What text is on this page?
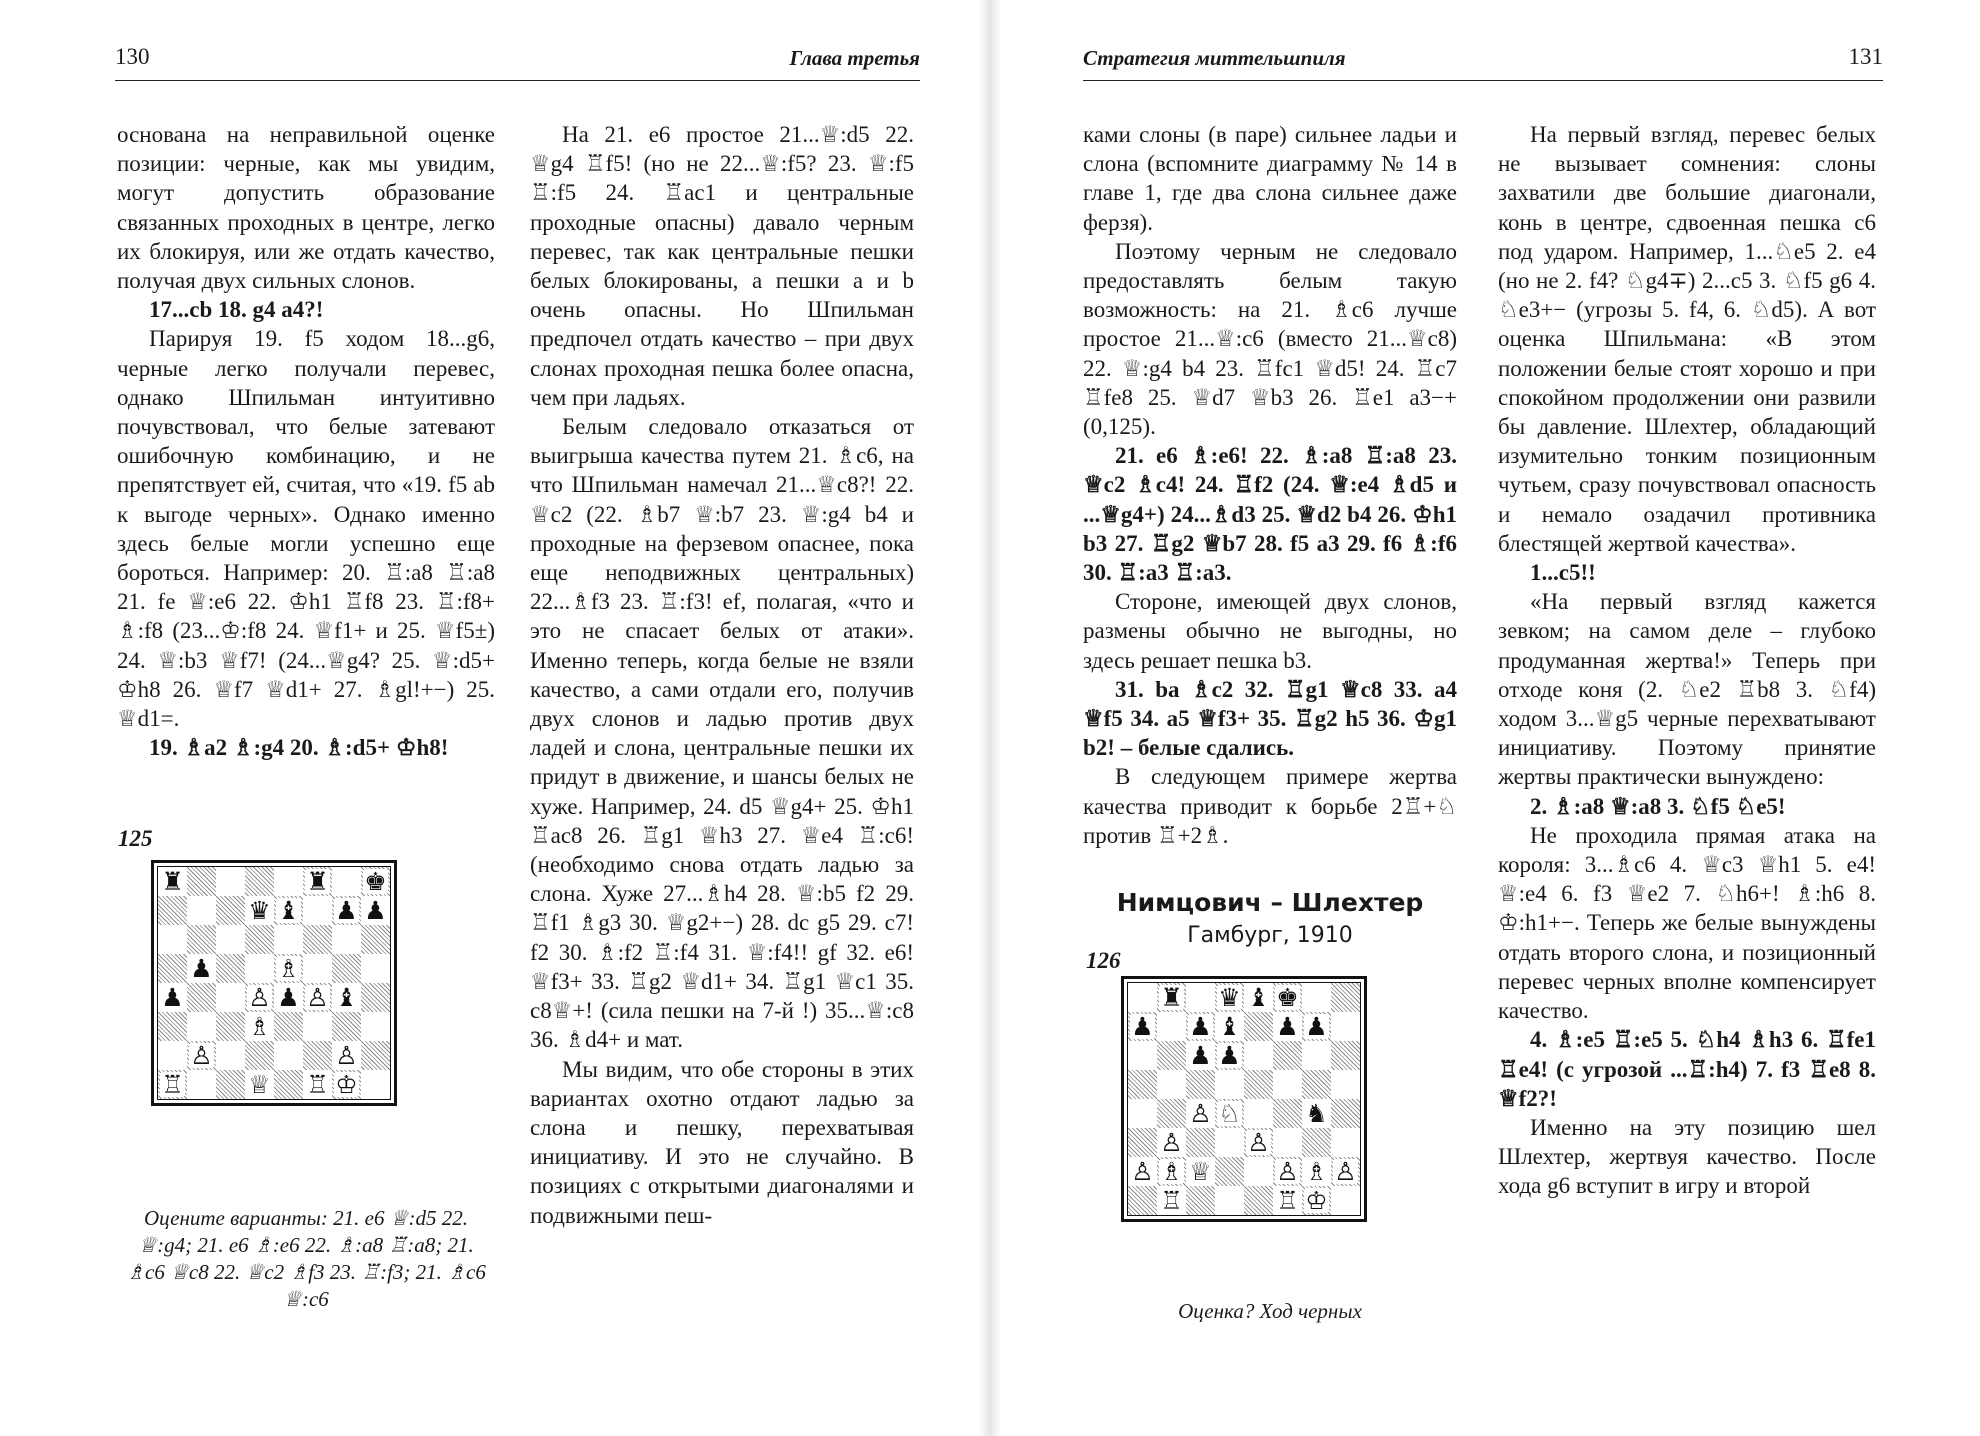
130	Глава третья

основана на неправильной оценке позиции: черные, как мы увидим, могут допустить образование связанных проходных в центре, легко их блокируя, или же отдать качество, получая двух сильных слонов.

17...cb 18. g4 а4?!

Парируя 19. f5 ходом 18...g6, черные легко получали перевес, однако Шпильман интуитивно почувствовал, что белые затевают ошибочную комбинацию, и не препятствует ей, считая, что «19. f5 ab к выгоде черных». Однако именно здесь белые могли успешно еще бороться. Например: 20. ♖:а8 ♖:а8 21. fe ♕:е6 22. ♔h1 ♖f8 23. ♖:f8+ ♗:f8 (23...♔:f8 24. ♕f1+ и 25. ♕f5±) 24. ♕:b3 ♕f7! (24...♕g4? 25. ♕:d5+ ♔h8 26. ♕f7 ♕d1+ 27. ♗gl!+−) 25. ♕d1=.

19. ♗а2 ♗:g4 20. ♗:d5+ ♔h8!

На 21. е6 простое 21...♕:d5 22. ♕g4 ♖f5! (но не 22...♕:f5? 23. ♕:f5 ♖:f5 24. ♖ас1 и центральные проходные опасны) давало черным перевес, так как центральные пешки белых блокированы, а пешки а и b очень опасны. Но Шпильман предпочел отдать качество – при двух слонах проходная пешка более опасна, чем при ладьях.

Белым следовало отказаться от выигрыша качества путем 21. ♗с6, на что Шпильман намечал 21...♕с8?! 22. ♕с2 (22. ♗b7 ♕:b7 23. ♕:g4 b4 и проходные на ферзевом опаснее, пока еще неподвижных центральных) 22...♗f3 23. ♖:f3! ef, полагая, «что и это не спасает белых от атаки». Именно теперь, когда белые не взяли качество, а сами отдали его, получив двух слонов и ладью против двух ладей и слона, центральные пешки их придут в движение, и шансы белых не хуже. Например, 24. d5 ♕g4+ 25. ♔h1 ♖ас8 26. ♖g1 ♕h3 27. ♕е4 ♖:с6! (необходимо снова отдать ладью за слона. Хуже 27...♗h4 28. ♕:b5 f2 29. ♖f1 ♗g3 30. ♕g2+−) 28. dc g5 29. с7! f2 30. ♗:f2 ♖:f4 31. ♕:f4!! gf 32. е6! ♕f3+ 33. ♖g2 ♕d1+ 34. ♖g1 ♕с1 35. с8♕+! (сила пешки на 7-й !) 35...♕:с8 36. ♗d4+ и мат.

Мы видим, что обе стороны в этих вариантах охотно отдают ладью за слона и пешку, перехватывая инициативу. И это не случайно. В позициях с открытыми диагоналями и подвижными пеш-

125
♜	♜ ♚
♛ ♝ ♟ ♟
♟	♗
♟	♙ ♟ ♙ ♝
♗
♙	♙
♖	♕ ♖ ♔
Оцените варианты: 21. е6 ♕:d5 22. ♕:g4; 21. е6 ♗:е6 22. ♗:а8 ♖:а8; 21. ♗с6 ♕с8 22. ♕с2 ♗f3 23. ♖:f3; 21. ♗с6 ♕:с6
Стратегия миттельшпиля	131

ками слоны (в паре) сильнее ладьи и слона (вспомните диаграмму № 14 в главе 1, где два слона сильнее даже ферзя).

Поэтому черным не следовало предоставлять белым такую возможность: на 21. ♗с6 лучше простое 21...♕:с6 (вместо 21...♕с8) 22. ♕:g4 b4 23. ♖fc1 ♕d5! 24. ♖с7 ♖fe8 25. ♕d7 ♕b3 26. ♖е1 а3−+ (0,125).

21. е6 ♗:е6! 22. ♗:а8 ♖:а8 23. ♕с2 ♗с4! 24. ♖f2 (24. ♕:е4 ♗d5 и ...♕g4+) 24...♗d3 25. ♕d2 b4 26. ♔h1 b3 27. ♖g2 ♕b7 28. f5 а3 29. f6 ♗:f6 30. ♖:а3 ♖:а3.

Стороне, имеющей двух слонов, размены обычно не выгодны, но здесь решает пешка b3.

31. bа ♗с2 32. ♖g1 ♕с8 33. а4 ♕f5 34. а5 ♕f3+ 35. ♖g2 h5 36. ♔g1 b2! – белые сдались.

В следующем примере жертва качества приводит к борьбе 2♖+♘ против ♖+2♗.

На первый взгляд, перевес белых не вызывает сомнения: слоны захватили две большие диагонали, конь в центре, сдвоенная пешка с6 под ударом. Например, 1...♘е5 2. е4 (но не 2. f4? ♘g4∓) 2...с5 3. ♘f5 g6 4. ♘е3+− (угрозы 5. f4, 6. ♘d5). А вот оценка Шпильмана: «В этом положении белые стоят хорошо и при спокойном продолжении они развили бы давление. Шлехтер, обладающий изумительно тонким позиционным чутьем, сразу почувствовал опасность и немало озадачил противника блестящей жертвой качества».

1...с5!!

«На первый взгляд кажется зевком; на самом деле – глубоко продуманная жертва!» Теперь при отходе коня (2. ♘е2 ♖b8 3. ♘f4) ходом 3...♕g5 черные перехватывают инициативу. Поэтому принятие жертвы практически вынуждено:

2. ♗:а8 ♕:а8 3. ♘f5 ♘е5!

Не проходила прямая атака на короля: 3...♗с6 4. ♕с3 ♕h1 5. е4! ♕:е4 6. f3 ♕е2 7. ♘h6+! ♗:h6 8. ♔:h1+−. Теперь же белые вынуждены отдать второго слона, и позиционный перевес черных вполне компенсирует качество.

4. ♗:е5 ♖:е5 5. ♘h4 ♗h3 6. ♖fe1 ♖е4! (с угрозой ...♖:h4) 7. f3 ♖е8 8. ♕f2?!

Именно на эту позицию шел Шлехтер, жертвуя качество. После хода g6 вступит в игру и второй

Нимцович – Шлехтер
Гамбург, 1910
126
♜ ♛ ♝ ♚
♟ ♟ ♝ ♟ ♟
♟ ♟
♙ ♘	♞
♙	♙
♙ ♗ ♕	♙ ♗ ♙
♖	♖ ♔
Оценка? Ход черных
